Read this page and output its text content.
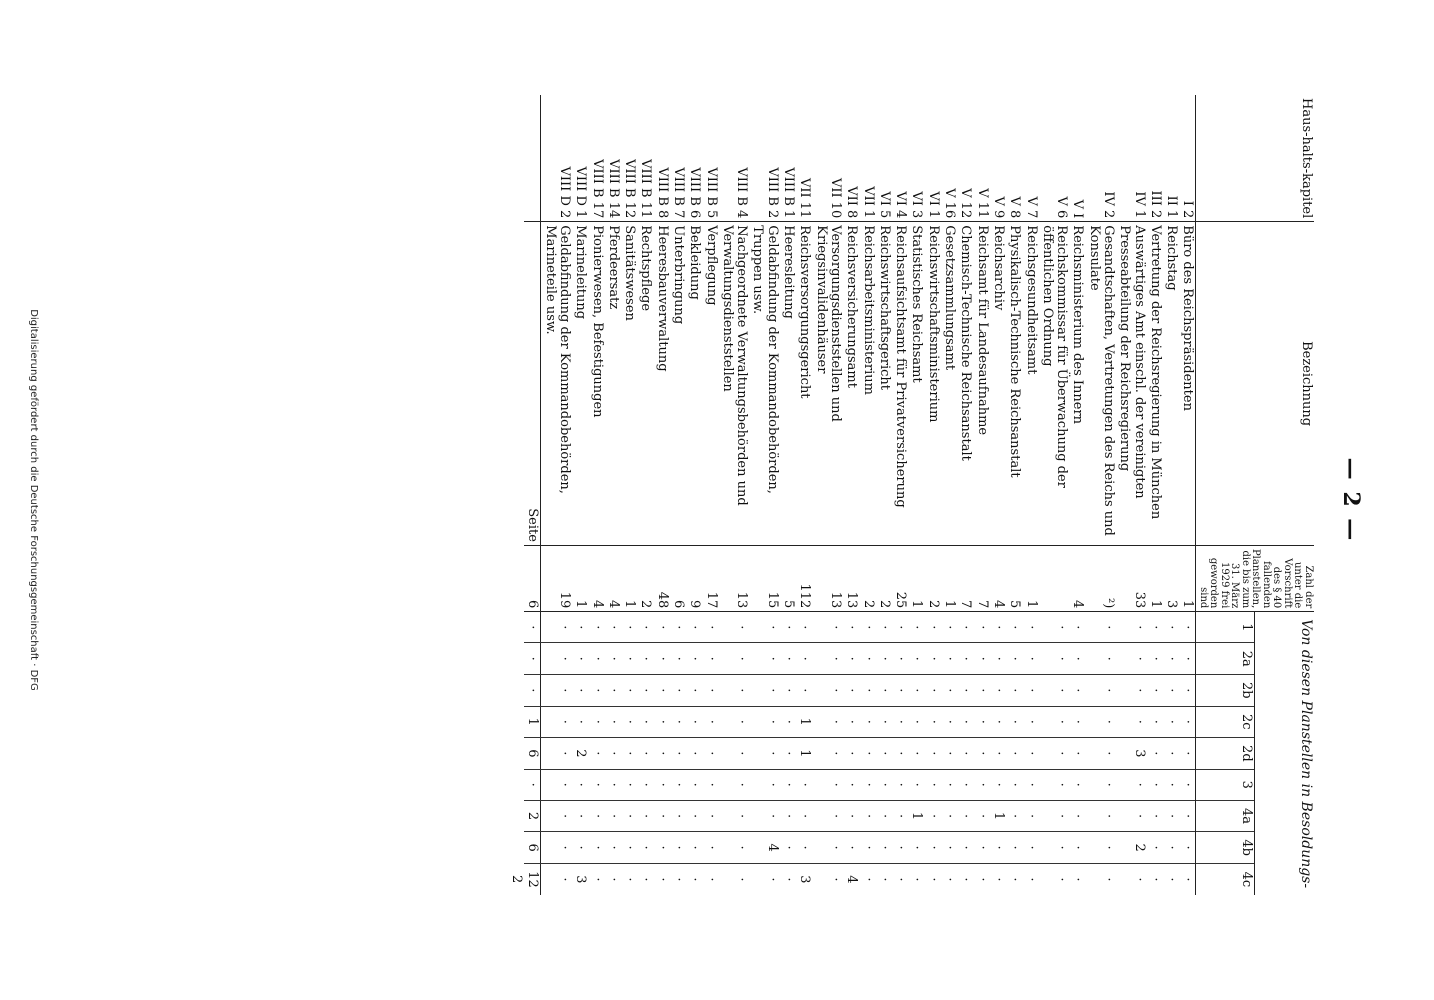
— 2 —
Haus-halts-kapitel	Bezeichnung	Zahl der unter die Vorschrift des § 40 fallenden Planstellen, die bis zum 31. März 1929 frei geworden sind	Von diesen Planstellen in Besoldungs-								
			1	2a	2b	2c	2d	3	4a	4b	4c
I 2	Büro des Reichspräsidenten	1	·	·	·	·	·	·	·	·	·
II 1	Reichstag	3	·	·	·	·	·	·	·	·	·
III 2	Vertretung der Reichsregierung in München	1	·	·	·	·	·	·	·	·	·
IV 1	Auswärtiges Amt einschl. der vereinigten Presseabteilung der Reichsregierung	33	·	·	·	·	3	·	·	2	·
IV 2	Gesandtschaften, Vertretungen des Reichs und Konsulate	²)	·	·	·	·	·	·	·	·	·
V I	Reichsministerium des Innern	4	·	·	·	·	·	·	·	·	·
V 6	Reichskommissar für Überwachung der öffentlichen Ordnung		·	·	·	·	·	·	·	·	·
V 7	Reichsgesundheitsamt	1	·	·	·	·	·	·	·	·	·
V 8	Physikalisch-Technische Reichsanstalt	5	·	·	·	·	·	·	·	·	·
V 9	Reichsarchiv	4	·	·	·	·	·	·	1	·	·
V 11	Reichsamt für Landesaufnahme	7	·	·	·	·	·	·	·	·	·
V 12	Chemisch-Technische Reichsanstalt	7	·	·	·	·	·	·	·	·	·
V 16	Gesetzsammlungsamt	1	·	·	·	·	·	·	·	·	·
VI 1	Reichswirtschaftsministerium	2	·	·	·	·	·	·	·	·	·
VI 3	Statistisches Reichsamt	1	·	·	·	·	·	·	1	·	·
VI 4	Reichsaufsichtsamt für Privatversicherung	25	·	·	·	·	·	·	·	·	·
VI 5	Reichswirtschaftsgericht	2	·	·	·	·	·	·	·	·	·
VII 1	Reichsarbeitsministerium	2	·	·	·	·	·	·	·	·	·
VII 8	Reichsversicherungsamt	13	·	·	·	·	·	·	·	·	4
VII 10	Versorgungsdienststellen und Kriegsinvalidenhäuser	13	·	·	·	·	·	·	·	·	·
VII 11	Reichsversorgungsgericht	112	·	·	·	1	1	·	·	·	3
VIII B 1	Heeresleitung	5	·	·	·	·	·	·	·	·	·
VIII B 2	Geldabfindung der Kommandobehörden, Truppen usw.	15	·	·	·	·	·	·	·	4	·
VIII B 4	Nachgeordnete Verwaltungsbehörden und Verwaltungsdienststellen	13	·	·	·	·	·	·	·	·	·
VIII B 5	Verpflegung	17	·	·	·	·	·	·	·	·	·
VIII B 6	Bekleidung	9	·	·	·	·	·	·	·	·	·
VIII B 7	Unterbringung	6	·	·	·	·	·	·	·	·	·
VIII B 8	Heeresbauverwaltung	48	·	·	·	·	·	·	·	·	·
VIII B 11	Rechtspflege	2	·	·	·	·	·	·	·	·	·
VIII B 12	Sanitätswesen	1	·	·	·	·	·	·	·	·	·
VIII B 14	Pferdeersatz	4	·	·	·	·	·	·	·	·	·
VIII B 17	Pionierwesen, Befestigungen	4	·	·	·	·	·	·	·	·	·
VIII D 1	Marineleitung	1	·	·	·	·	2	·	·	·	3
VIII D 2	Geldabfindung der Kommandobehörden, Marineteile usw.	19	·	·	·	·	·	·	·	·	·
	Seite	6	·	·	·	1	6	·	2	6	12
											2
Digitalisierung gefördert durch die Deutsche Forschungsgemeinschaft · DFG
